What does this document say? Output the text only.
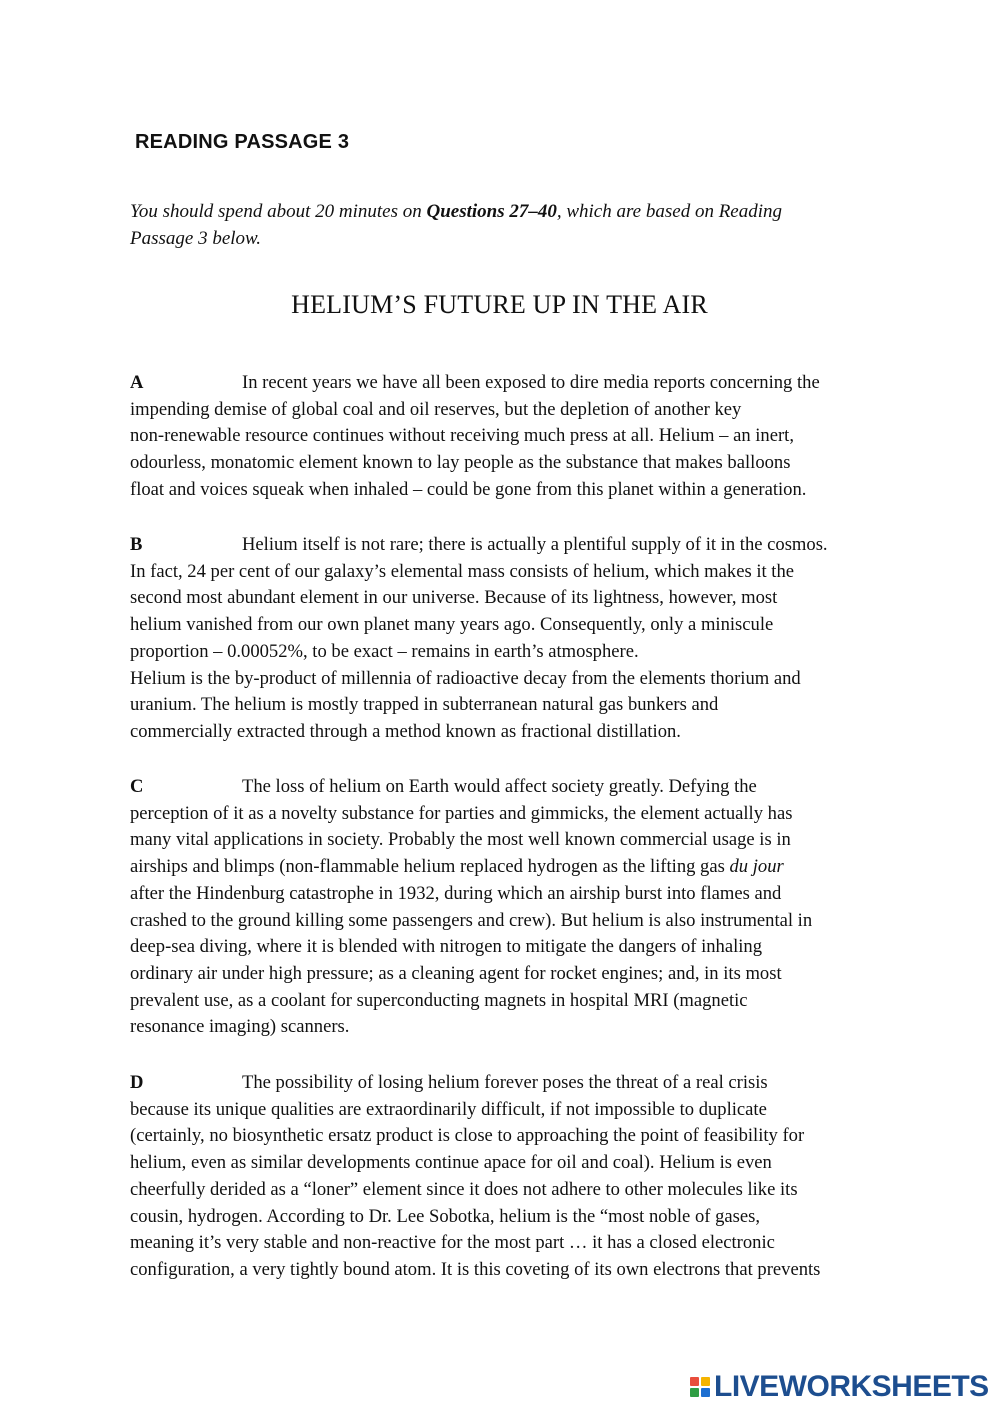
READING PASSAGE 3
You should spend about 20 minutes on Questions 27–40, which are based on Reading
Passage 3 below.
HELIUM’S FUTURE UP IN THE AIR
A	In recent years we have all been exposed to dire media reports concerning the
impending demise of global coal and oil reserves, but the depletion of another key
non-renewable resource continues without receiving much press at all. Helium – an inert,
odourless, monatomic element known to lay people as the substance that makes balloons
float and voices squeak when inhaled – could be gone from this planet within a generation.
B	Helium itself is not rare; there is actually a plentiful supply of it in the cosmos.
In fact, 24 per cent of our galaxy’s elemental mass consists of helium, which makes it the
second most abundant element in our universe. Because of its lightness, however, most
helium vanished from our own planet many years ago. Consequently, only a miniscule
proportion – 0.00052%, to be exact – remains in earth’s atmosphere.
Helium is the by-product of millennia of radioactive decay from the elements thorium and
uranium. The helium is mostly trapped in subterranean natural gas bunkers and
commercially extracted through a method known as fractional distillation.
C	The loss of helium on Earth would affect society greatly. Defying the
perception of it as a novelty substance for parties and gimmicks, the element actually has
many vital applications in society. Probably the most well known commercial usage is in
airships and blimps (non-flammable helium replaced hydrogen as the lifting gas du jour
after the Hindenburg catastrophe in 1932, during which an airship burst into flames and
crashed to the ground killing some passengers and crew). But helium is also instrumental in
deep-sea diving, where it is blended with nitrogen to mitigate the dangers of inhaling
ordinary air under high pressure; as a cleaning agent for rocket engines; and, in its most
prevalent use, as a coolant for superconducting magnets in hospital MRI (magnetic
resonance imaging) scanners.
D	The possibility of losing helium forever poses the threat of a real crisis
because its unique qualities are extraordinarily difficult, if not impossible to duplicate
(certainly, no biosynthetic ersatz product is close to approaching the point of feasibility for
helium, even as similar developments continue apace for oil and coal). Helium is even
cheerfully derided as a “loner” element since it does not adhere to other molecules like its
cousin, hydrogen. According to Dr. Lee Sobotka, helium is the “most noble of gases,
meaning it’s very stable and non-reactive for the most part … it has a closed electronic
configuration, a very tightly bound atom. It is this coveting of its own electrons that prevents
LIVEWORKSHEETS
